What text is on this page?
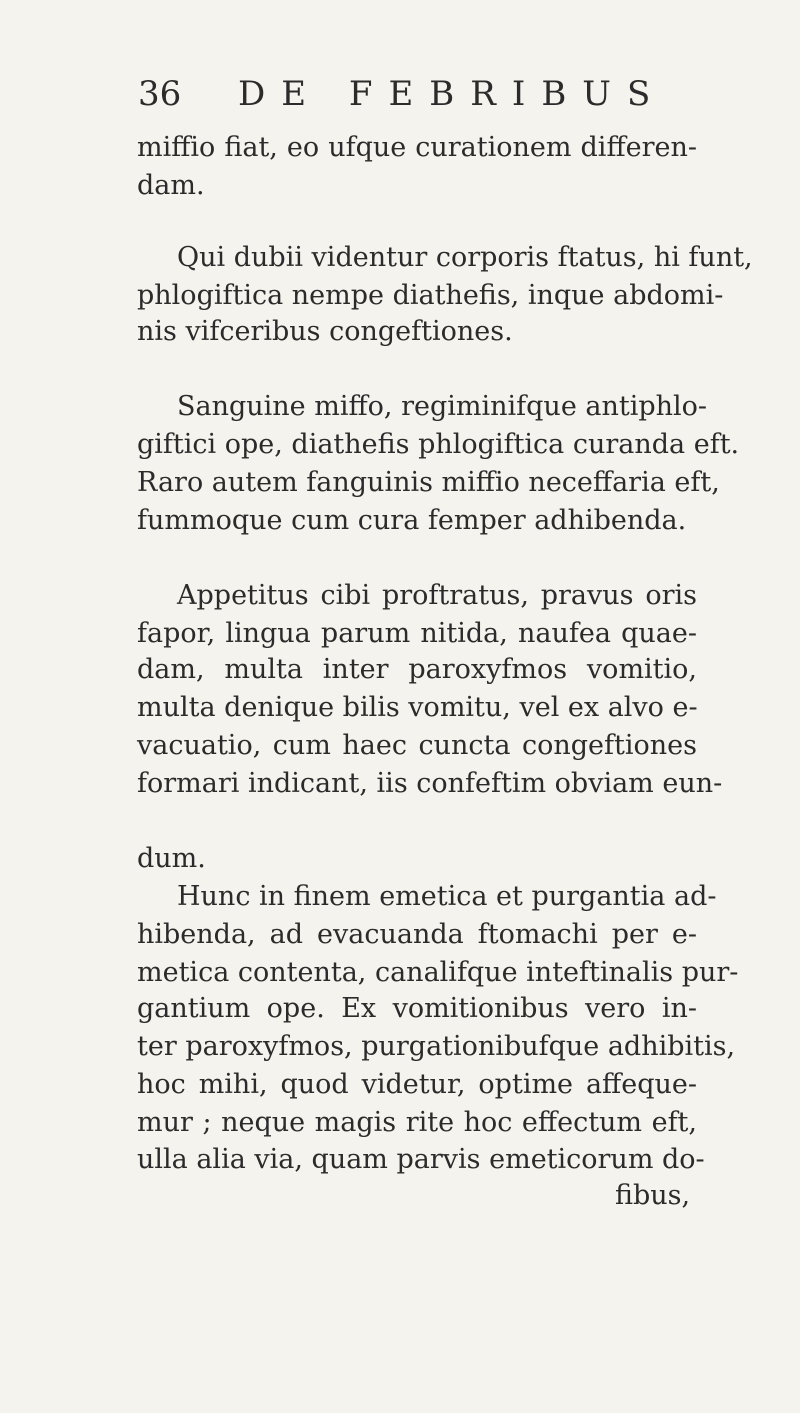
36 DE FEBRIBUS
miffio fiat, eo ufque curationem differen-
dam.
Qui dubii videntur corporis ftatus, hi funt,
phlogiftica nempe diathefis, inque abdomi-
nis vifceribus congeftiones.
Sanguine miffo, regiminifque antiphlo-
giftici ope, diathefis phlogiftica curanda eft.
Raro autem fanguinis miffio neceffaria eft,
fummoque cum cura femper adhibenda.
Appetitus cibi proftratus, pravus oris
fapor, lingua parum nitida, naufea quae-
dam, multa inter paroxyfmos vomitio,
multa denique bilis vomitu, vel ex alvo e-
vacuatio, cum haec cuncta congeftiones
formari indicant, iis confeftim obviam eun-
dum.
Hunc in finem emetica et purgantia ad-
hibenda, ad evacuanda ftomachi per e-
metica contenta, canalifque inteftinalis pur-
gantium ope. Ex vomitionibus vero in-
ter paroxyfmos, purgationibufque adhibitis,
hoc mihi, quod videtur, optime affeque-
mur ; neque magis rite hoc effectum eft,
ulla alia via, quam parvis emeticorum do-
fibus,
